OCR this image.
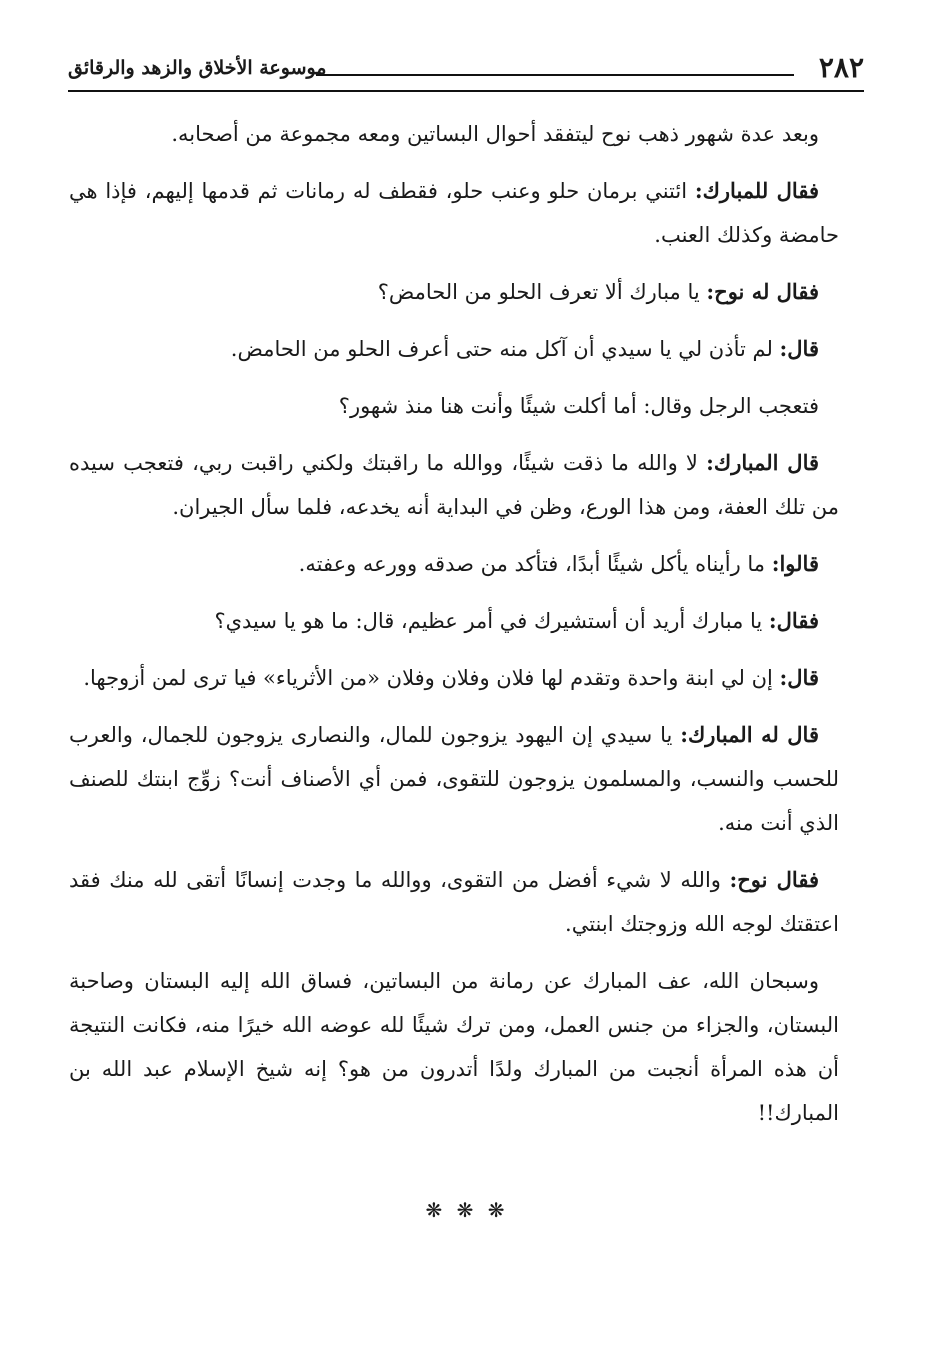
٢٨٢
موسوعة الأخلاق والزهد والرقائق

وبعد عدة شهور ذهب نوح ليتفقد أحوال البساتين ومعه مجموعة من أصحابه.

فقال للمبارك: ائتني برمان حلو وعنب حلو، فقطف له رمانات ثم قدمها إليهم، فإذا هي حامضة وكذلك العنب.

فقال له نوح: يا مبارك ألا تعرف الحلو من الحامض؟

قال: لم تأذن لي يا سيدي أن آكل منه حتى أعرف الحلو من الحامض.

فتعجب الرجل وقال: أما أكلت شيئًا وأنت هنا منذ شهور؟

قال المبارك: لا والله ما ذقت شيئًا، ووالله ما راقبتك ولكني راقبت ربي، فتعجب سيده من تلك العفة، ومن هذا الورع، وظن في البداية أنه يخدعه، فلما سأل الجيران.

قالوا: ما رأيناه يأكل شيئًا أبدًا، فتأكد من صدقه وورعه وعفته.

فقال: يا مبارك أريد أن أستشيرك في أمر عظيم، قال: ما هو يا سيدي؟

قال: إن لي ابنة واحدة وتقدم لها فلان وفلان وفلان «من الأثرياء» فيا ترى لمن أزوجها.

قال له المبارك: يا سيدي إن اليهود يزوجون للمال، والنصارى يزوجون للجمال، والعرب للحسب والنسب، والمسلمون يزوجون للتقوى، فمن أي الأصناف أنت؟ زوِّج ابنتك للصنف الذي أنت منه.

فقال نوح: والله لا شيء أفضل من التقوى، ووالله ما وجدت إنسانًا أتقى لله منك فقد اعتقتك لوجه الله وزوجتك ابنتي.

وسبحان الله، عف المبارك عن رمانة من البساتين، فساق الله إليه البستان وصاحبة البستان، والجزاء من جنس العمل، ومن ترك شيئًا لله عوضه الله خيرًا منه، فكانت النتيجة أن هذه المرأة أنجبت من المبارك ولدًا أتدرون من هو؟ إنه شيخ الإسلام عبد الله بن المبارك!!

❋ ❋ ❋
